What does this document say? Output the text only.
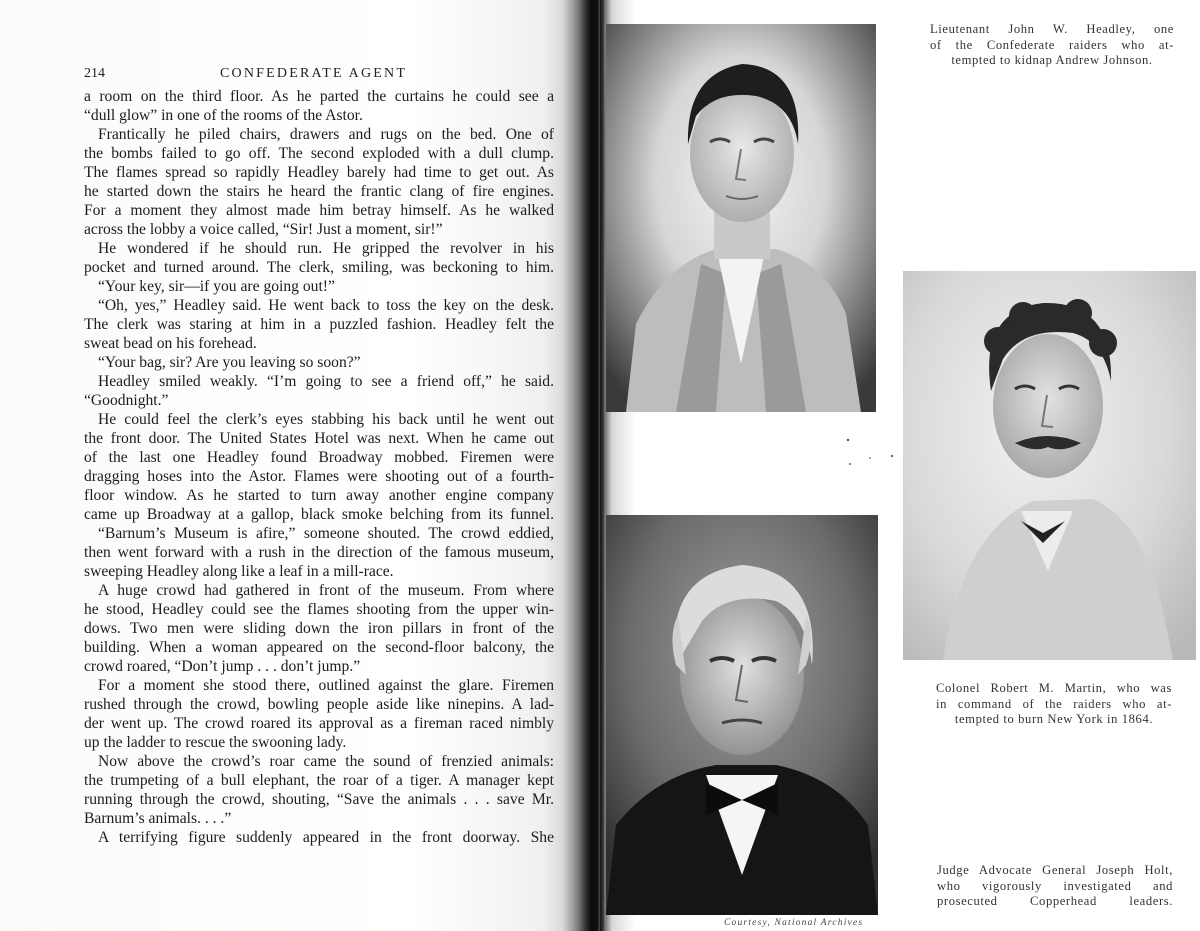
214	CONFEDERATE AGENT
a room on the third floor. As he parted the curtains he could see a
“dull glow” in one of the rooms of the Astor.
Frantically he piled chairs, drawers and rugs on the bed. One of
the bombs failed to go off. The second exploded with a dull clump.
The flames spread so rapidly Headley barely had time to get out. As
he started down the stairs he heard the frantic clang of fire engines.
For a moment they almost made him betray himself. As he walked
across the lobby a voice called, “Sir! Just a moment, sir!”
He wondered if he should run. He gripped the revolver in his
pocket and turned around. The clerk, smiling, was beckoning to him.
“Your key, sir—if you are going out!”
“Oh, yes,” Headley said. He went back to toss the key on the desk.
The clerk was staring at him in a puzzled fashion. Headley felt the
sweat bead on his forehead.
“Your bag, sir? Are you leaving so soon?”
Headley smiled weakly. “I’m going to see a friend off,” he said.
“Goodnight.”
He could feel the clerk’s eyes stabbing his back until he went out
the front door. The United States Hotel was next. When he came out
of the last one Headley found Broadway mobbed. Firemen were
dragging hoses into the Astor. Flames were shooting out of a fourth-
floor window. As he started to turn away another engine company
came up Broadway at a gallop, black smoke belching from its funnel.
“Barnum’s Museum is afire,” someone shouted. The crowd eddied,
then went forward with a rush in the direction of the famous museum,
sweeping Headley along like a leaf in a mill-race.
A huge crowd had gathered in front of the museum. From where
he stood, Headley could see the flames shooting from the upper win-
dows. Two men were sliding down the iron pillars in front of the
building. When a woman appeared on the second-floor balcony, the
crowd roared, “Don’t jump . . . don’t jump.”
For a moment she stood there, outlined against the glare. Firemen
rushed through the crowd, bowling people aside like ninepins. A lad-
der went up. The crowd roared its approval as a fireman raced nimbly
up the ladder to rescue the swooning lady.
Now above the crowd’s roar came the sound of frenzied animals:
the trumpeting of a bull elephant, the roar of a tiger. A manager kept
running through the crowd, shouting, “Save the animals . . . save Mr.
Barnum’s animals. . . .”
A terrifying figure suddenly appeared in the front doorway. She
Courtesy, National Archives
Lieutenant John W. Headley, one
of the Confederate raiders who at-
tempted to kidnap Andrew Johnson.
Colonel Robert M. Martin, who was
in command of the raiders who at-
tempted to burn New York in 1864.
Judge Advocate General Joseph Holt,
who vigorously investigated and
prosecuted Copperhead leaders.
